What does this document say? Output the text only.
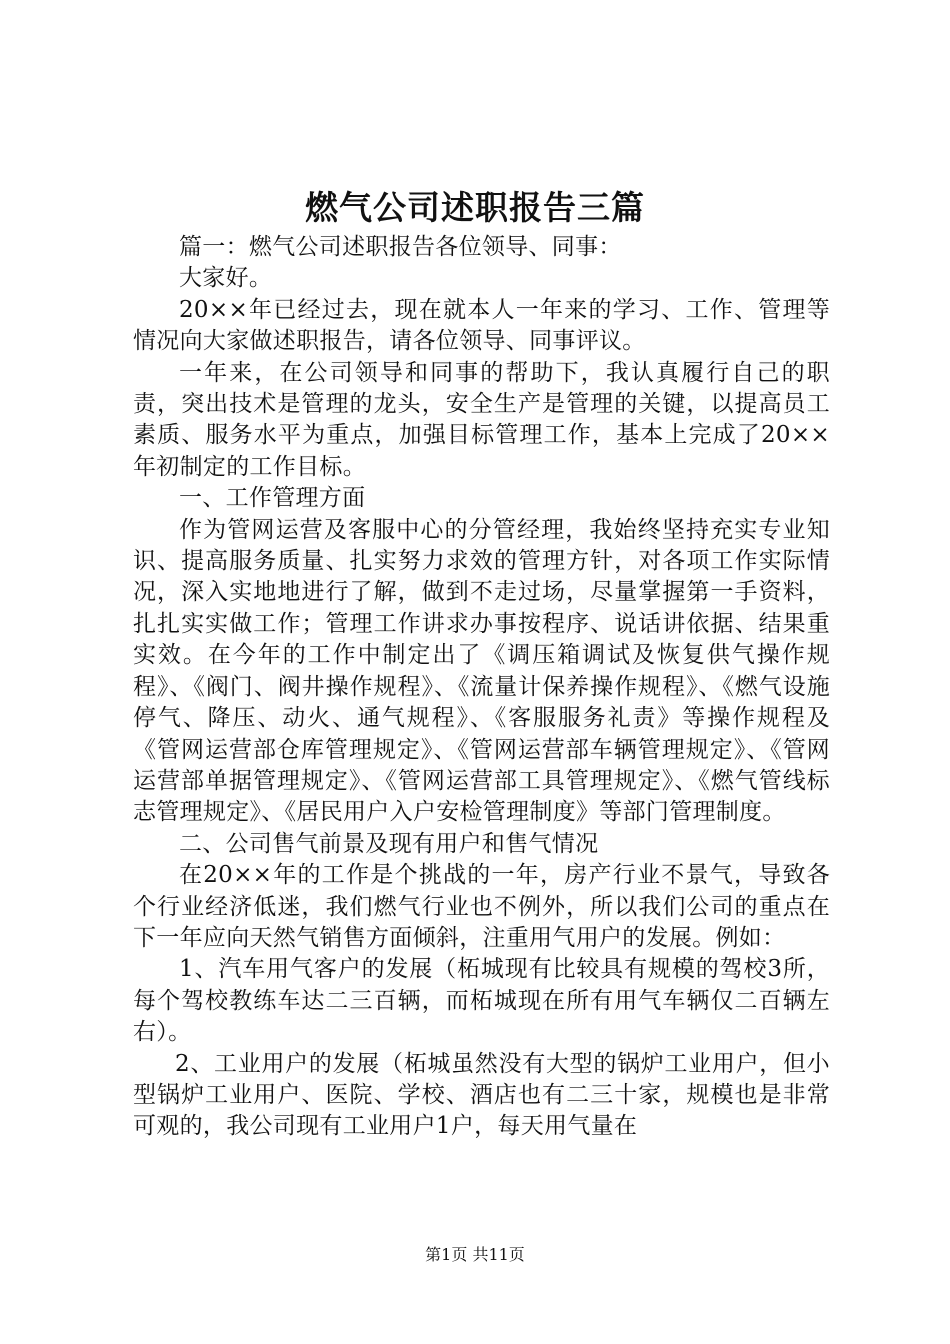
燃气公司述职报告三篇

篇一：燃气公司述职报告各位领导、同事：

大家好。

20××年已经过去，现在就本人一年来的学习、工作、管理等情况向大家做述职报告，请各位领导、同事评议。

一年来，在公司领导和同事的帮助下，我认真履行自己的职责，突出技术是管理的龙头，安全生产是管理的关键，以提高员工素质、服务水平为重点，加强目标管理工作，基本上完成了20××年初制定的工作目标。

一、工作管理方面

作为管网运营及客服中心的分管经理，我始终坚持充实专业知识、提高服务质量、扎实努力求效的管理方针，对各项工作实际情况，深入实地地进行了解，做到不走过场，尽量掌握第一手资料，扎扎实实做工作；管理工作讲求办事按程序、说话讲依据、结果重实效。在今年的工作中制定出了《调压箱调试及恢复供气操作规程》、《阀门、阀井操作规程》、《流量计保养操作规程》、《燃气设施停气、降压、动火、通气规程》、《客服服务礼责》等操作规程及《管网运营部仓库管理规定》、《管网运营部车辆管理规定》、《管网运营部单据管理规定》、《管网运营部工具管理规定》、《燃气管线标志管理规定》、《居民用户入户安检管理制度》等部门管理制度。

二、公司售气前景及现有用户和售气情况

在20××年的工作是个挑战的一年，房产行业不景气，导致各个行业经济低迷，我们燃气行业也不例外，所以我们公司的重点在下一年应向天然气销售方面倾斜，注重用气用户的发展。例如：

1、汽车用气客户的发展（柘城现有比较具有规模的驾校3所，每个驾校教练车达二三百辆，而柘城现在所有用气车辆仅二百辆左右）。

2、工业用户的发展（柘城虽然没有大型的锅炉工业用户，但小型锅炉工业用户、医院、学校、酒店也有二三十家，规模也是非常可观的，我公司现有工业用户1户，每天用气量在

第1页 共11页
